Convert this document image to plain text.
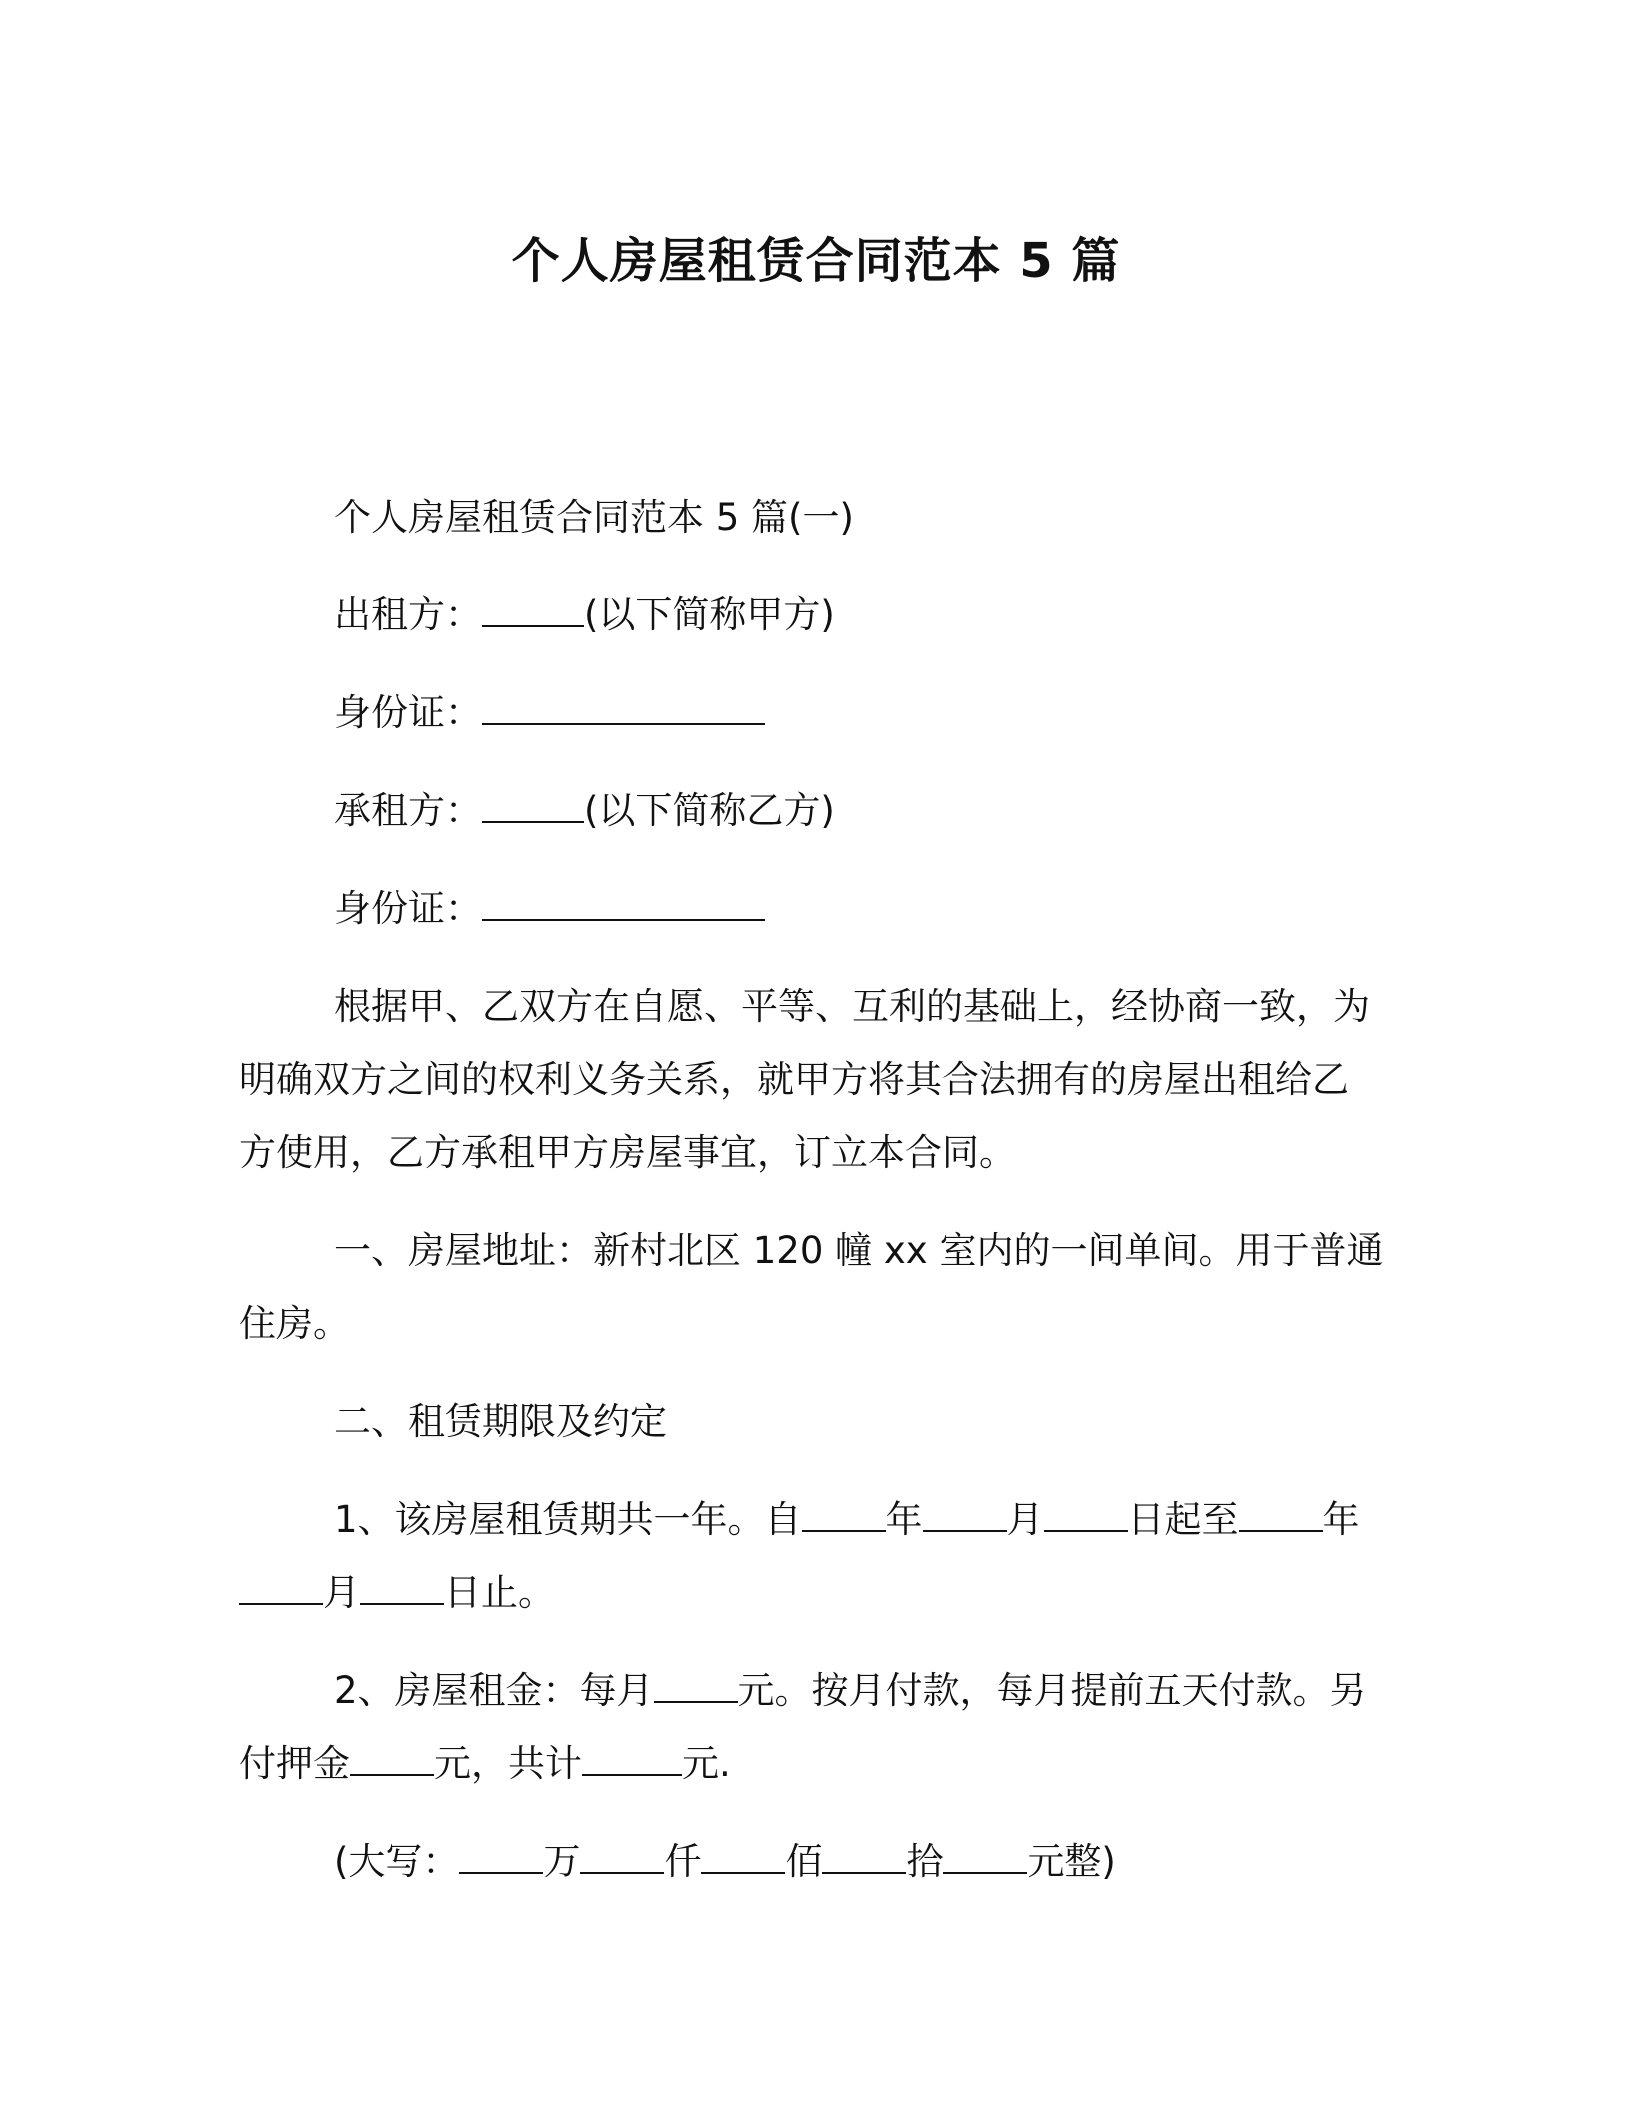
个人房屋租赁合同范本 5 篇
个人房屋租赁合同范本 5 篇(一)
出租方：	(以下简称甲方)
身份证：
承租方：	(以下简称乙方)
身份证：
根据甲、乙双方在自愿、平等、互利的基础上，经协商一致，为
明确双方之间的权利义务关系，就甲方将其合法拥有的房屋出租给乙
方使用，乙方承租甲方房屋事宜，订立本合同。
一、房屋地址：新村北区 120 幢 xx 室内的一间单间。用于普通
住房。
二、租赁期限及约定
1、该房屋租赁期共一年。自 年 月 日起至 年
月 日止。
2、房屋租金：每月 元。按月付款，每月提前五天付款。另
付押金 元，共计	元.
(大写： 万 仟 佰 拾 元整)
